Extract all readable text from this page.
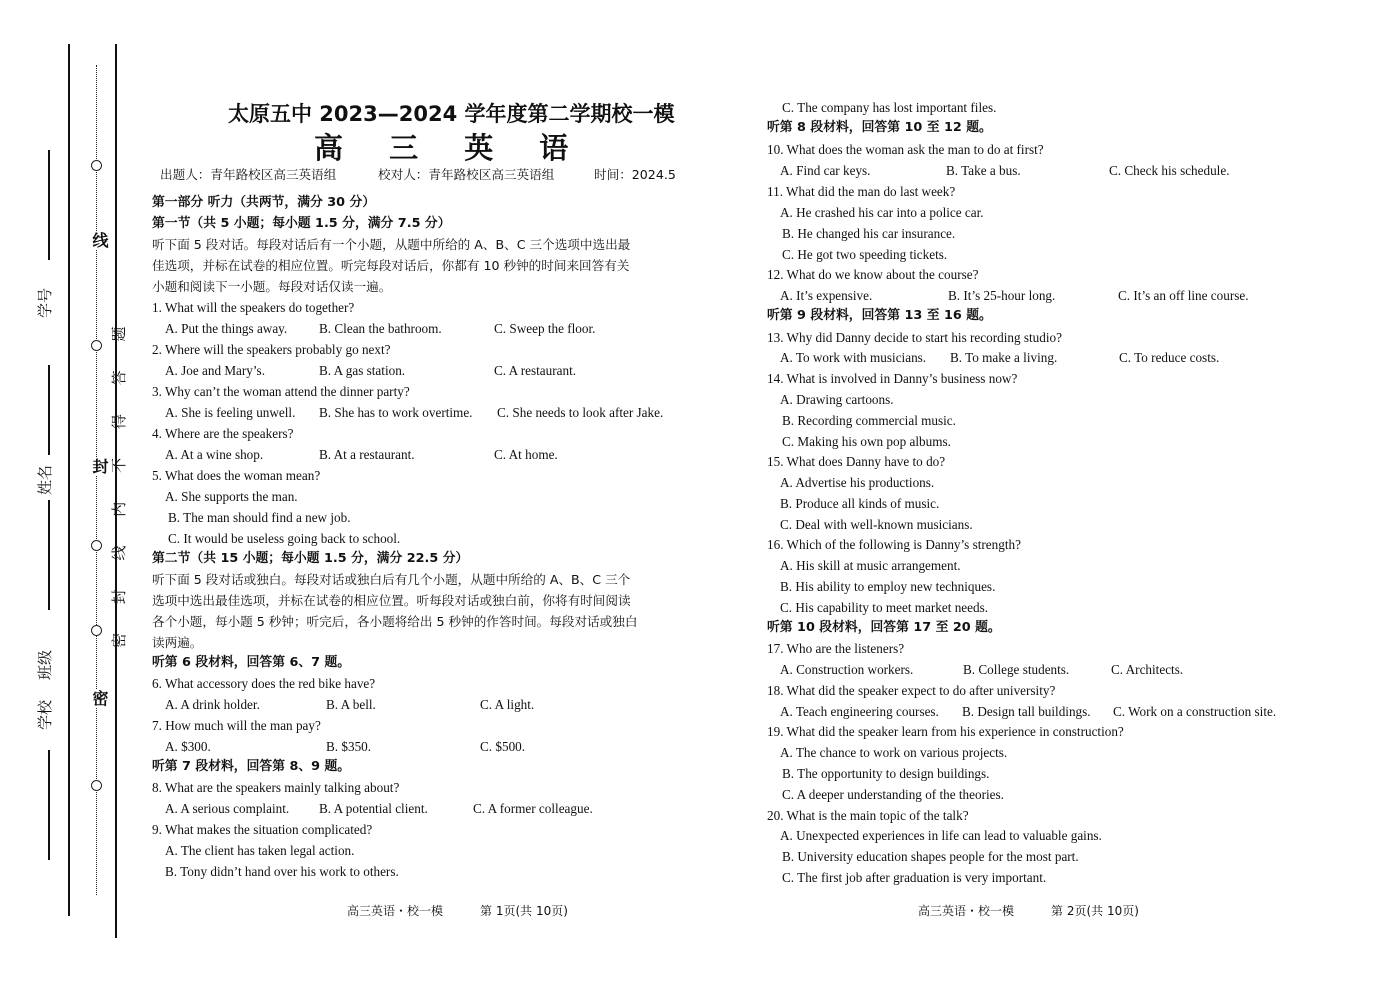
学号
姓名
班级
学校
线
封
密
密 封 线 内 不 得 答 题
太原五中 2023—2024 学年度第二学期校一模
高 三 英 语
出题人：青年路校区高三英语组	校对人：青年路校区高三英语组	时间：2024.5
第一部分 听力（共两节，满分 30 分）
第一节（共 5 小题；每小题 1.5 分，满分 7.5 分）
听下面 5 段对话。每段对话后有一个小题，从题中所给的 A、B、C 三个选项中选出最
佳选项，并标在试卷的相应位置。听完每段对话后，你都有 10 秒钟的时间来回答有关
小题和阅读下一小题。每段对话仅读一遍。
1. What will the speakers do together?
A. Put the things away. B. Clean the bathroom.	C. Sweep the floor.
2. Where will the speakers probably go next?
A. Joe and Mary’s.	B. A gas station.	C. A restaurant.
3. Why can’t the woman attend the dinner party?
A. She is feeling unwell. B. She has to work overtime. C. She needs to look after Jake.
4. Where are the speakers?
A. At a wine shop.	B. At a restaurant.	C. At home.
5. What does the woman mean?
A. She supports the man.
B. The man should find a new job.
C. It would be useless going back to school.
第二节（共 15 小题；每小题 1.5 分，满分 22.5 分）
听下面 5 段对话或独白。每段对话或独白后有几个小题，从题中所给的 A、B、C 三个
选项中选出最佳选项，并标在试卷的相应位置。听每段对话或独白前，你将有时间阅读
各个小题，每小题 5 秒钟；听完后，各小题将给出 5 秒钟的作答时间。每段对话或独白
读两遍。
听第 6 段材料，回答第 6、7 题。
6. What accessory does the red bike have?
A. A drink holder.	B. A bell.	C. A light.
7. How much will the man pay?
A. $300.	B. $350.	C. $500.
听第 7 段材料，回答第 8、9 题。
8. What are the speakers mainly talking about?
A. A serious complaint. B. A potential client.	C. A former colleague.
9. What makes the situation complicated?
A. The client has taken legal action.
B. Tony didn’t hand over his work to others.
高三英语・校一模	第 1页(共 10页)
C. The company has lost important files.
听第 8 段材料，回答第 10 至 12 题。
10. What does the woman ask the man to do at first?
A. Find car keys.	B. Take a bus.	C. Check his schedule.
11. What did the man do last week?
A. He crashed his car into a police car.
B. He changed his car insurance.
C. He got two speeding tickets.
12. What do we know about the course?
A. It’s expensive.	B. It’s 25-hour long.	C. It’s an off line course.
听第 9 段材料，回答第 13 至 16 题。
13. Why did Danny decide to start his recording studio?
A. To work with musicians. B. To make a living.	C. To reduce costs.
14. What is involved in Danny’s business now?
A. Drawing cartoons.
B. Recording commercial music.
C. Making his own pop albums.
15. What does Danny have to do?
A. Advertise his productions.
B. Produce all kinds of music.
C. Deal with well-known musicians.
16. Which of the following is Danny’s strength?
A. His skill at music arrangement.
B. His ability to employ new techniques.
C. His capability to meet market needs.
听第 10 段材料，回答第 17 至 20 题。
17. Who are the listeners?
A. Construction workers.	B. College students.	C. Architects.
18. What did the speaker expect to do after university?
A. Teach engineering courses. B. Design tall buildings. C. Work on a construction site.
19. What did the speaker learn from his experience in construction?
A. The chance to work on various projects.
B. The opportunity to design buildings.
C. A deeper understanding of the theories.
20. What is the main topic of the talk?
A. Unexpected experiences in life can lead to valuable gains.
B. University education shapes people for the most part.
C. The first job after graduation is very important.
高三英语・校一模	第 2页(共 10页)
